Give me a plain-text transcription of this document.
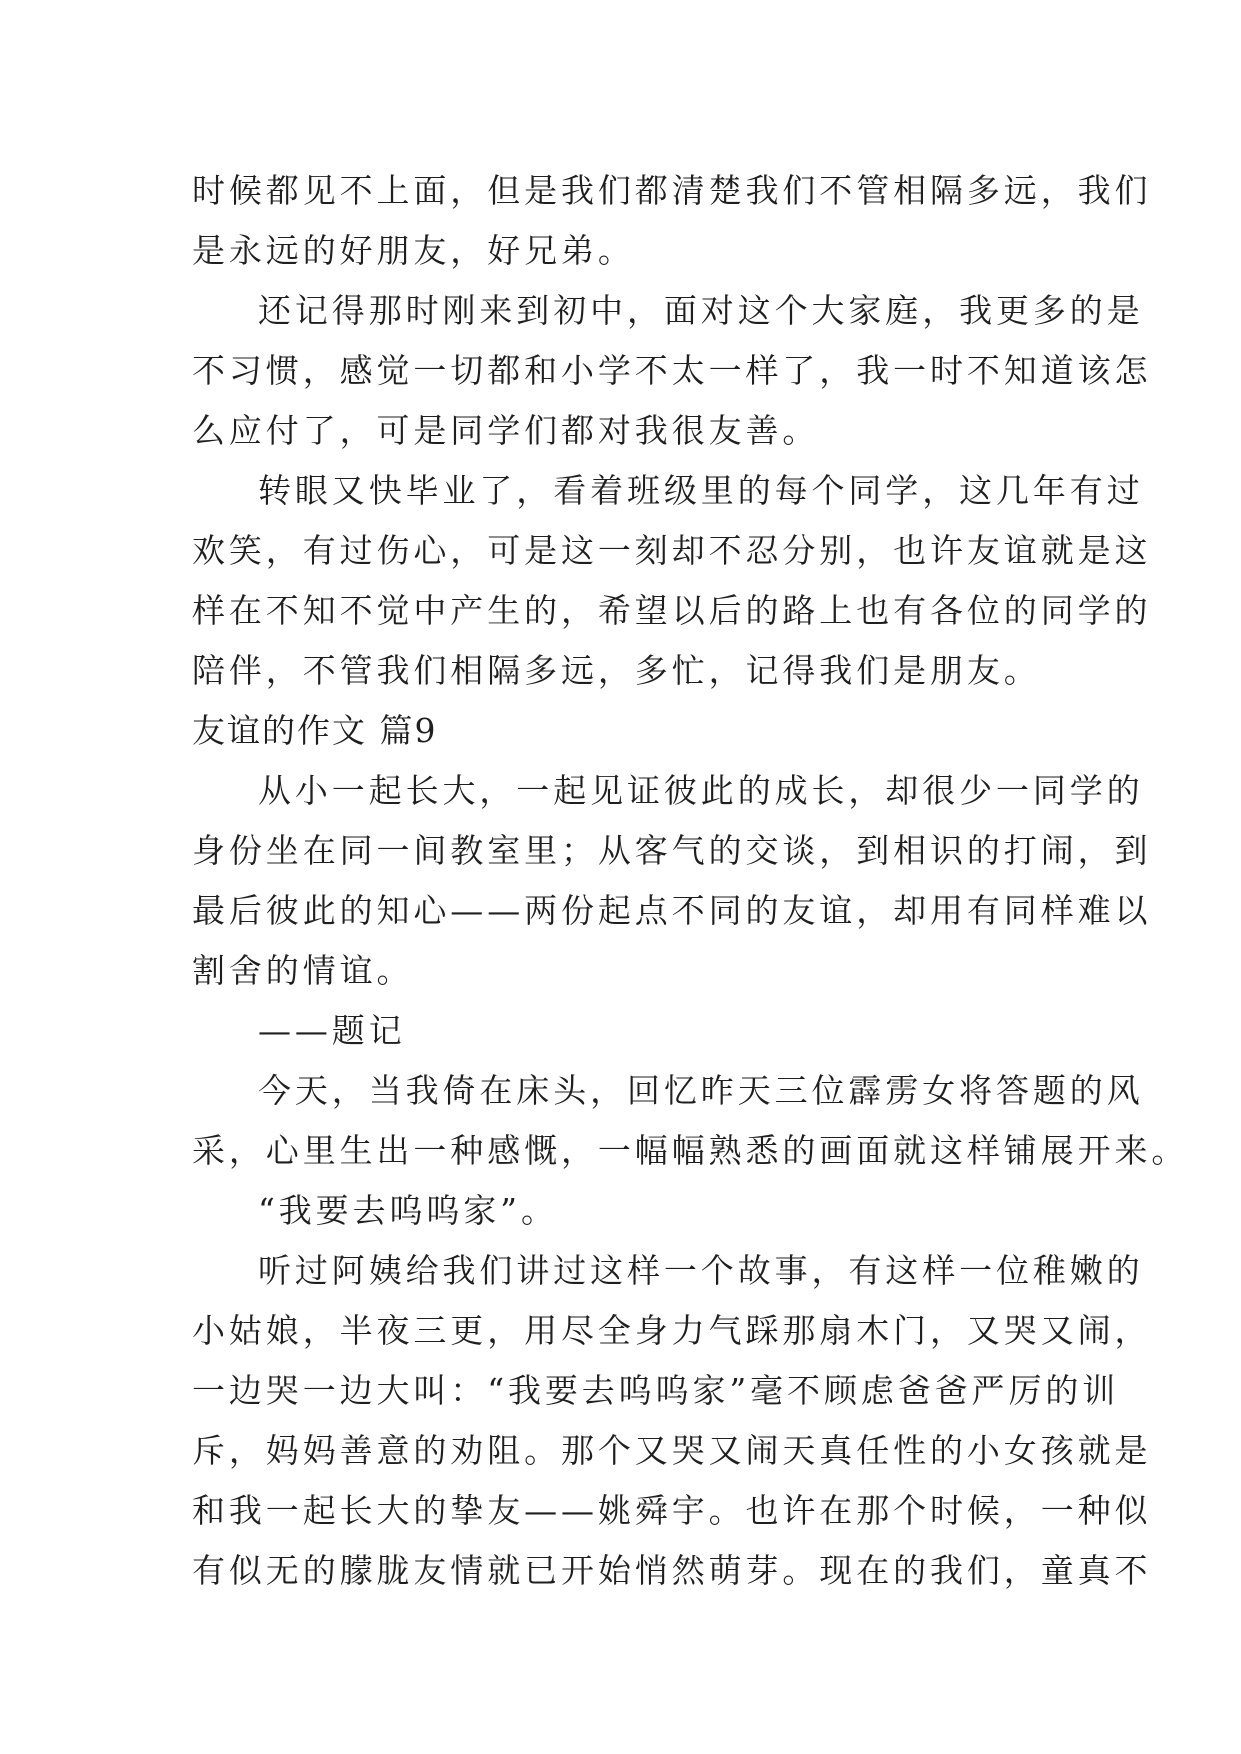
时候都见不上面，但是我们都清楚我们不管相隔多远，我们
是永远的好朋友，好兄弟。
还记得那时刚来到初中，面对这个大家庭，我更多的是
不习惯，感觉一切都和小学不太一样了，我一时不知道该怎
么应付了，可是同学们都对我很友善。
转眼又快毕业了，看着班级里的每个同学，这几年有过
欢笑，有过伤心，可是这一刻却不忍分别，也许友谊就是这
样在不知不觉中产生的，希望以后的路上也有各位的同学的
陪伴，不管我们相隔多远，多忙，记得我们是朋友。
友谊的作文 篇9
从小一起长大，一起见证彼此的成长，却很少一同学的
身份坐在同一间教室里；从客气的交谈，到相识的打闹，到
最后彼此的知心——两份起点不同的友谊，却用有同样难以
割舍的情谊。
——题记
今天，当我倚在床头，回忆昨天三位霹雳女将答题的风
采，心里生出一种感慨，一幅幅熟悉的画面就这样铺展开来。
“我要去呜呜家”。
听过阿姨给我们讲过这样一个故事，有这样一位稚嫩的
小姑娘，半夜三更，用尽全身力气踩那扇木门，又哭又闹，
一边哭一边大叫：“我要去呜呜家”毫不顾虑爸爸严厉的训
斥，妈妈善意的劝阻。那个又哭又闹天真任性的小女孩就是
和我一起长大的挚友——姚舜宇。也许在那个时候，一种似
有似无的朦胧友情就已开始悄然萌芽。现在的我们，童真不
